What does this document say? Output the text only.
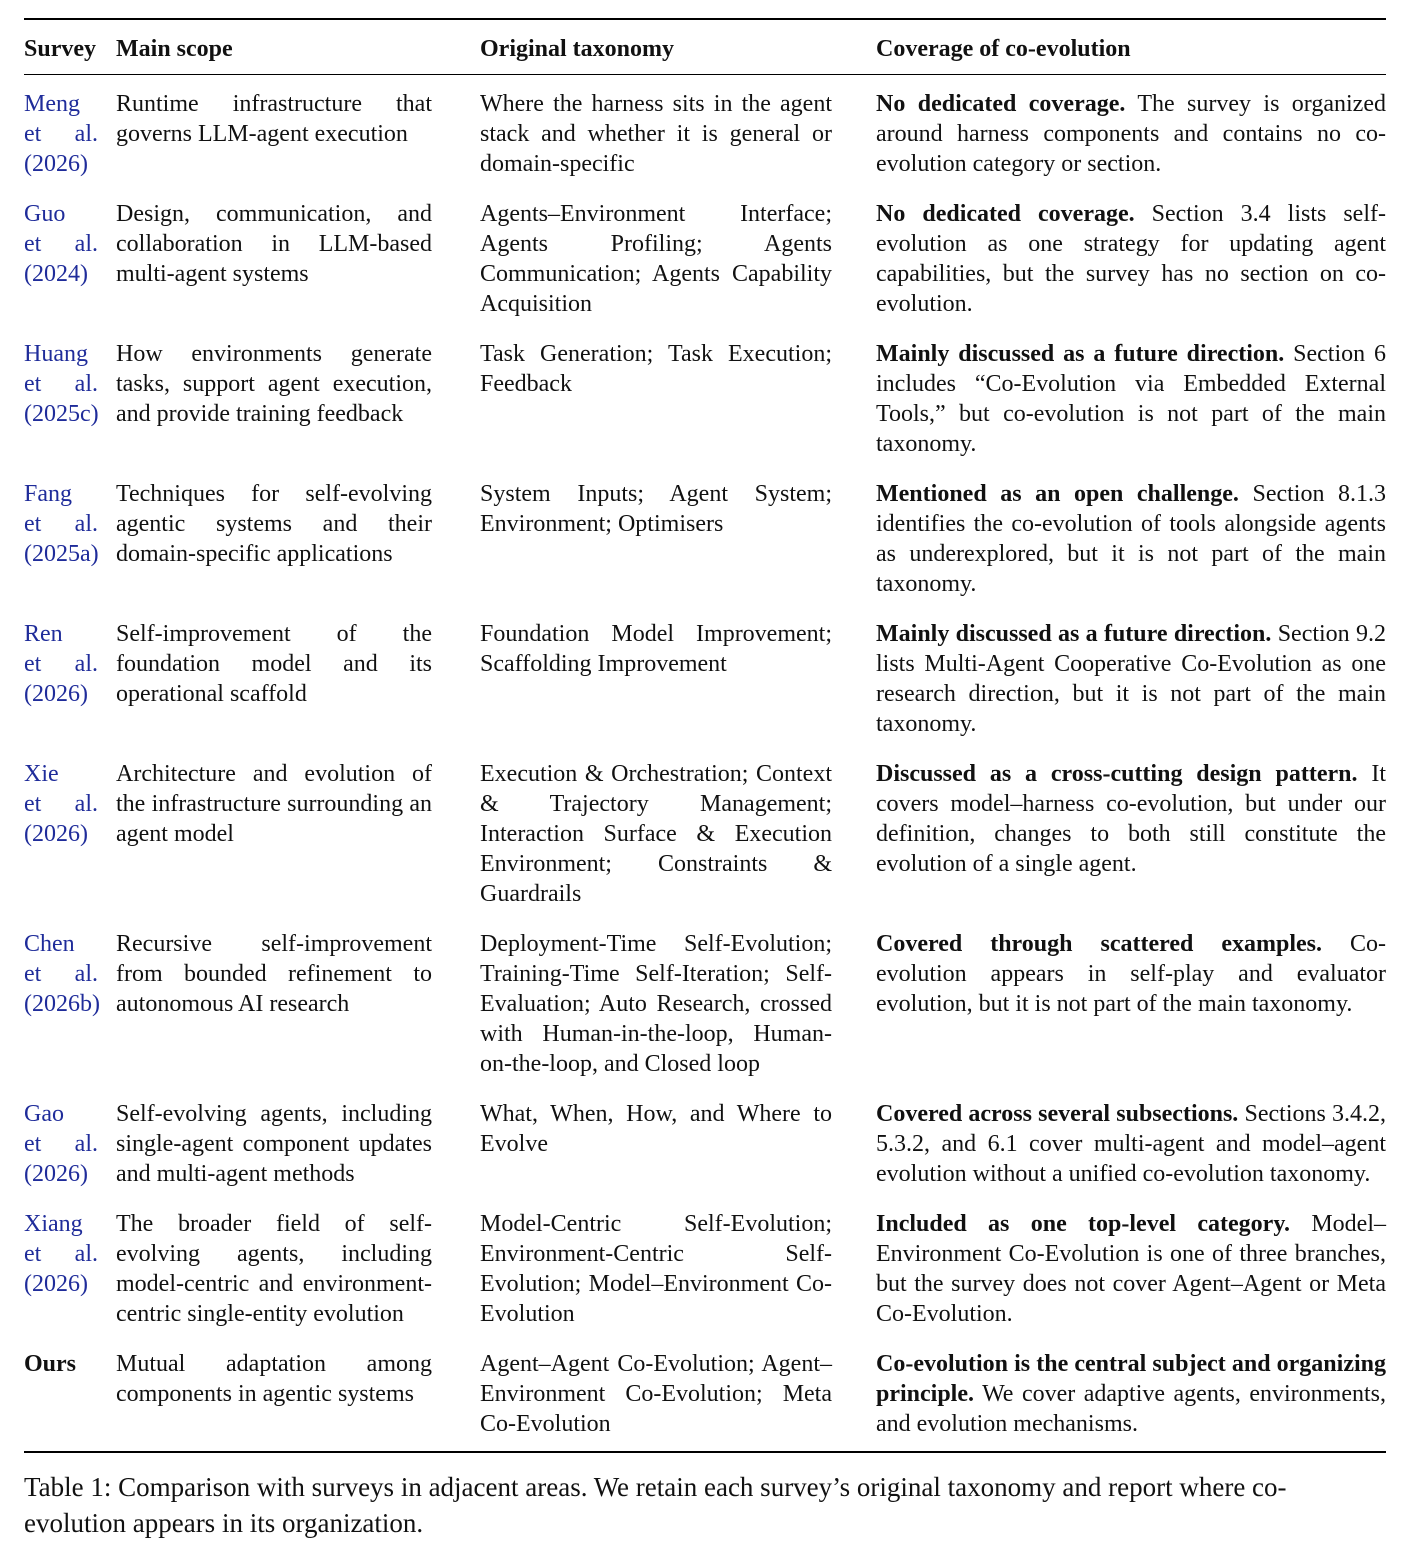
Survey	Main scope	Original taxonomy	Coverage of co-evolution

Meng
et al.
(2026)	Runtime infrastructure that governs LLM-agent execution	Where the harness sits in the agent stack and whether it is general or domain-specific	No dedicated coverage. The survey is organized around harness components and contains no co-evolution category or section.

Guo
et al.
(2024)	Design, communication, and collaboration in LLM-based multi-agent systems	Agents–Environment Interface; Agents Profiling; Agents Communication; Agents Capability Acquisition	No dedicated coverage. Section 3.4 lists self-evolution as one strategy for updating agent capabilities, but the survey has no section on co-evolution.

Huang
et al.
(2025c)	How environments generate tasks, support agent execution, and provide training feedback	Task Generation; Task Execution; Feedback	Mainly discussed as a future direction. Section 6 includes “Co-Evolution via Embedded External Tools,” but co-evolution is not part of the main taxonomy.

Fang
et al.
(2025a)	Techniques for self-evolving agentic systems and their domain-specific applications	System Inputs; Agent System; Environment; Optimisers	Mentioned as an open challenge. Section 8.1.3 identifies the co-evolution of tools alongside agents as underexplored, but it is not part of the main taxonomy.

Ren
et al.
(2026)	Self-improvement of the foundation model and its operational scaffold	Foundation Model Improvement; Scaffolding Improvement	Mainly discussed as a future direction. Section 9.2 lists Multi-Agent Cooperative Co-Evolution as one research direction, but it is not part of the main taxonomy.

Xie
et al.
(2026)	Architecture and evolution of the infrastructure surrounding an agent model	Execution & Orchestration; Context & Trajectory Management; Interaction Surface & Execution Environment; Constraints & Guardrails	Discussed as a cross-cutting design pattern. It covers model–harness co-evolution, but under our definition, changes to both still constitute the evolution of a single agent.

Chen
et al.
(2026b)	Recursive self-improvement from bounded refinement to autonomous AI research	Deployment-Time Self-Evolution; Training-Time Self-Iteration; Self-Evaluation; Auto Research, crossed with Human-in-the-loop, Human-on-the-loop, and Closed loop	Covered through scattered examples. Co-evolution appears in self-play and evaluator evolution, but it is not part of the main taxonomy.

Gao
et al.
(2026)	Self-evolving agents, including single-agent component updates and multi-agent methods	What, When, How, and Where to Evolve	Covered across several subsections. Sections 3.4.2, 5.3.2, and 6.1 cover multi-agent and model–agent evolution without a unified co-evolution taxonomy.

Xiang
et al.
(2026)	The broader field of self-evolving agents, including model-centric and environment-centric single-entity evolution	Model-Centric Self-Evolution; Environment-Centric Self-Evolution; Model–Environment Co-Evolution	Included as one top-level category. Model–Environment Co-Evolution is one of three branches, but the survey does not cover Agent–Agent or Meta Co-Evolution.
Ours	Mutual adaptation among components in agentic systems	Agent–Agent Co-Evolution; Agent–Environment Co-Evolution; Meta Co-Evolution	Co-evolution is the central subject and organizing principle. We cover adaptive agents, environments, and evolution mechanisms.
Table 1: Comparison with surveys in adjacent areas. We retain each survey’s original taxonomy and report where co-evolution appears in its organization.
